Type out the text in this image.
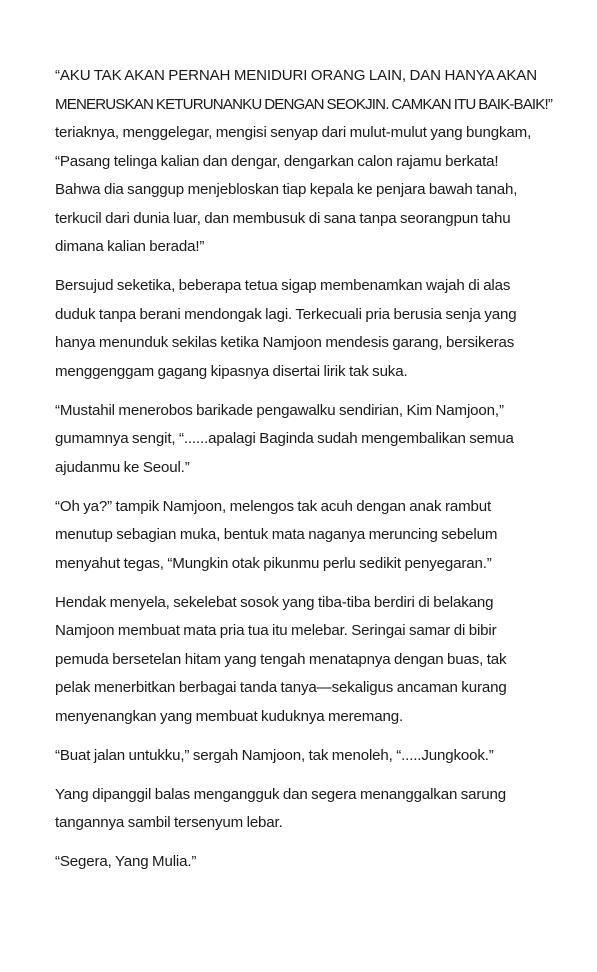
“AKU TAK AKAN PERNAH MENIDURI ORANG LAIN, DAN HANYA AKAN
MENERUSKAN KETURUNANKU DENGAN SEOKJIN. CAMKAN ITU BAIK-BAIK!”
teriaknya, menggelegar, mengisi senyap dari mulut-mulut yang bungkam,
“Pasang telinga kalian dan dengar, dengarkan calon rajamu berkata!
Bahwa dia sanggup menjebloskan tiap kepala ke penjara bawah tanah,
terkucil dari dunia luar, dan membusuk di sana tanpa seorangpun tahu
dimana kalian berada!”

Bersujud seketika, beberapa tetua sigap membenamkan wajah di alas
duduk tanpa berani mendongak lagi. Terkecuali pria berusia senja yang
hanya menunduk sekilas ketika Namjoon mendesis garang, bersikeras
menggenggam gagang kipasnya disertai lirik tak suka.

“Mustahil menerobos barikade pengawalku sendirian, Kim Namjoon,”
gumamnya sengit, “......apalagi Baginda sudah mengembalikan semua
ajudanmu ke Seoul.”

“Oh ya?” tampik Namjoon, melengos tak acuh dengan anak rambut
menutup sebagian muka, bentuk mata naganya meruncing sebelum
menyahut tegas, “Mungkin otak pikunmu perlu sedikit penyegaran.”

Hendak menyela, sekelebat sosok yang tiba-tiba berdiri di belakang
Namjoon membuat mata pria tua itu melebar. Seringai samar di bibir
pemuda bersetelan hitam yang tengah menatapnya dengan buas, tak
pelak menerbitkan berbagai tanda tanya—sekaligus ancaman kurang
menyenangkan yang membuat kuduknya meremang.

“Buat jalan untukku,” sergah Namjoon, tak menoleh, “.....Jungkook.”

Yang dipanggil balas mengangguk dan segera menanggalkan sarung
tangannya sambil tersenyum lebar.

“Segera, Yang Mulia.”
